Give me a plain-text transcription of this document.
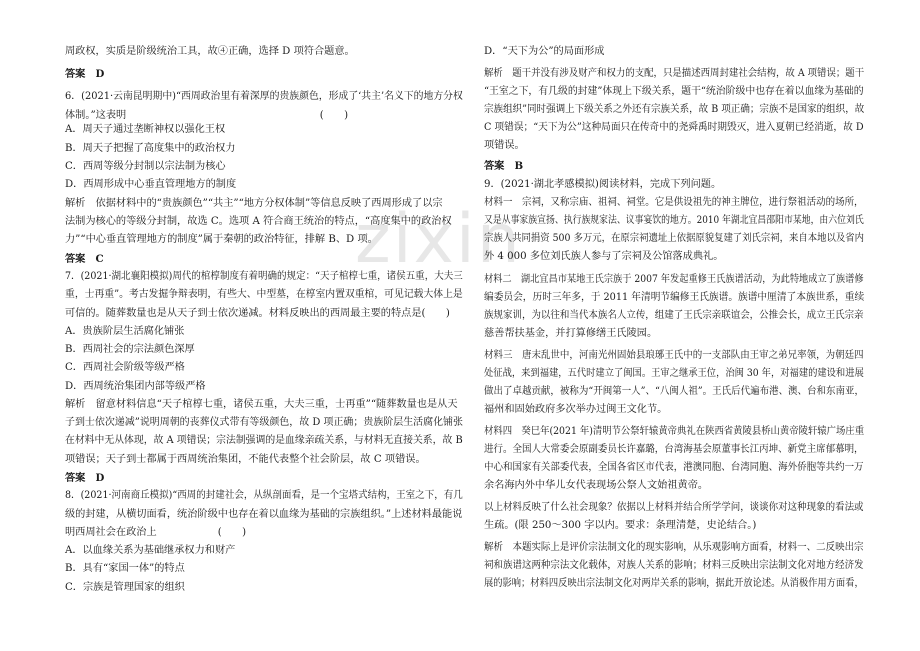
zixin
周政权，实质是阶级统治工具，故④正确，选择 D 项符合题意。
答案　D
6．(2021·云南昆明期中)“西周政治里有着深厚的贵族颜色，形成了‘共主’名义下的地方分权
体制。”这表明　　　　　　　　　　　　　　　　　　　(　　)
A．周天子通过垄断神权以强化王权
B．周天子把握了高度集中的政治权力
C．西周等级分封制以宗法制为核心
D．西周形成中心垂直管理地方的制度
解析　依据材料中的“贵族颜色”“共主”“地方分权体制”等信息反映了西周形成了以宗
法制为核心的等级分封制，故选 C。选项 A 符合商王统治的特点，“高度集中的政治权
力”“中心垂直管理地方的制度”属于秦朝的政治特征，排解 B、D 项。
答案　C
7．(2021·湖北襄阳模拟)周代的棺椁制度有着明确的规定：“天子棺椁七重，诸侯五重，大夫三
重，士再重”。考古发掘争辩表明，有些大、中型墓，在椁室内置双重棺，可见记载大体上是
可信的。随葬数量也是从天子到士依次递减。材料反映出的西周最主要的特点是(　　)
A．贵族阶层生活腐化铺张
B．西周社会的宗法颜色深厚
C．西周社会阶级等级严格
D．西周统治集团内部等级严格
解析　留意材料信息“天子棺椁七重，诸侯五重，大夫三重，士再重”“随葬数量也是从天
子到士依次递减”说明周朝的丧葬仪式带有等级颜色，故 D 项正确；贵族阶层生活腐化铺张
在材料中无从体现，故 A 项错误；宗法制强调的是血缘亲疏关系，与材料无直接关系，故 B
项错误；天子到士都属于西周统治集团，不能代表整个社会阶层，故 C 项错误。
答案　D
8．(2021·河南商丘模拟)“西周的封建社会，从纵剖面看，是一个宝塔式结构，王室之下，有几
级的封建，从横切面看，统治阶级中也存在着以血缘为基础的宗族组织。”上述材料最能说
明西周社会在政治上　　　　　　(　　)
A．以血缘关系为基础继承权力和财产
B．具有“家国一体”的特点
C．宗族是管理国家的组织
D．“天下为公”的局面形成
解析　题干并没有涉及财产和权力的支配，只是描述西周封建社会结构，故 A 项错误；题干
“王室之下，有几级的封建”体现上下级关系，题干“统治阶级中也存在着以血缘为基础的
宗族组织”同时强调上下级关系之外还有宗族关系，故 B 项正确；宗族不是国家的组织，故
C 项错误；“天下为公”这种局面只在传奇中的尧舜禹时期毁灭，进入夏朝已经消逝，故 D
项错误。
答案　B
9．(2021·湖北孝感模拟)阅读材料，完成下列问题。
材料一　宗祠，又称宗庙、祖祠、祠堂。它是供设祖先的神主牌位，进行祭祖活动的场所，
又是从事家族宣扬、执行族规家法、议事宴饮的地方。2010 年湖北宜昌邵阳市某地，由六位刘氏
宗族人共同捐资 500 多万元，在原宗祠遗址上依据原貌复建了刘氏宗祠，来自本地以及省内
外 4 000 多位刘氏族人参与了宗祠及公馆落成典礼。
材料二　湖北宜昌市某地王氏宗族于 2007 年发起重修王氏族谱活动，为此特地成立了族谱修
编委员会，历时三年多，于 2011 年清明节编修王氏族谱。族谱中厘清了本族世系，重续
族规家训，为以往和当代本族名人立传，组建了王氏宗亲联谊会，公推会长，成立王氏宗亲
慈善帮扶基金，并打算修缮王氏陵园。
材料三　唐末乱世中，河南光州固始县琅琊王氏中的一支部队由王审之弟兄率领，为朝廷四
处征战，来到福建，五代时建立了闽国。王审之继承王位，治闽 30 年，对福建的建设和进展
做出了卓越贡献，被称为“开闽第一人”、“八闽人祖”。王氏后代遍布港、澳、台和东南亚，
福州和固始政府多次举办过闽王文化节。
材料四　癸巳年(2021 年)清明节公祭轩辕黄帝典礼在陕西省黄陵县桥山黄帝陵轩辕广场庄重
进行。全国人大常委会原副委员长许嘉璐，台湾海基会原董事长江丙坤、新党主席郁慕明，
中心和国家有关部委代表，全国各省区市代表，港澳同胞、台湾同胞、海外侨胞等共约一万
余名海内外中华儿女代表现场公祭人文始祖黄帝。
以上材料反映了什么社会现象？依据以上材料并结合所学学问，谈谈你对这种现象的看法或
生疏。(限 250～300 字以内。要求：条理清楚，史论结合。)
解析　本题实际上是评价宗法制文化的现实影响，从乐观影响方面看，材料一、二反映出宗
祠和族谱这两种宗法文化载体，对族人关系的影响；材料三反映出宗法制文化对地方经济发
展的影响；材料四反映出宗法制文化对两岸关系的影响，据此开放论述。从消极作用方面看，
